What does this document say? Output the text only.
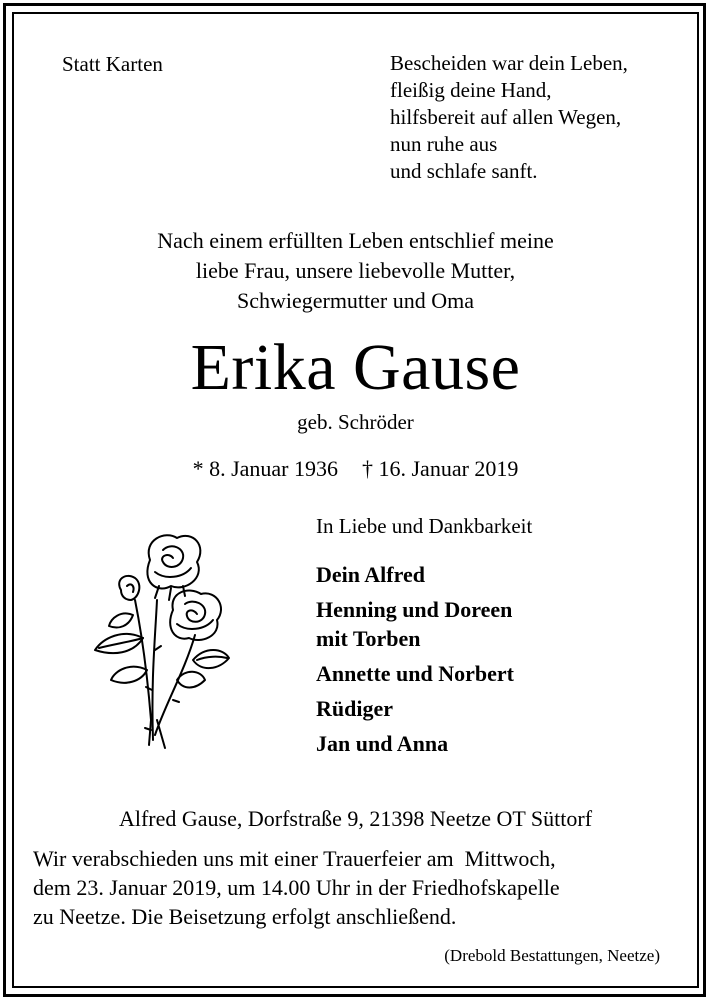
Statt Karten	Bescheiden war dein Leben,
fleißig deine Hand,
hilfsbereit auf allen Wegen,
nun ruhe aus
und schlafe sanft.
Nach einem erfüllten Leben entschlief meine
liebe Frau, unsere liebevolle Mutter,
Schwiegermutter und Oma
Erika Gause
geb. Schröder
* 8. Januar 1936 † 16. Januar 2019
In Liebe und Dankbarkeit
Dein Alfred
Henning und Doreen
mit Torben
Annette und Norbert
Rüdiger
Jan und Anna
Alfred Gause, Dorfstraße 9, 21398 Neetze OT Süttorf
Wir verabschieden uns mit einer Trauerfeier am  Mittwoch,
dem 23. Januar 2019, um 14.00 Uhr in der Friedhofskapelle
zu Neetze. Die Beisetzung erfolgt anschließend.
(Drebold Bestattungen, Neetze)
